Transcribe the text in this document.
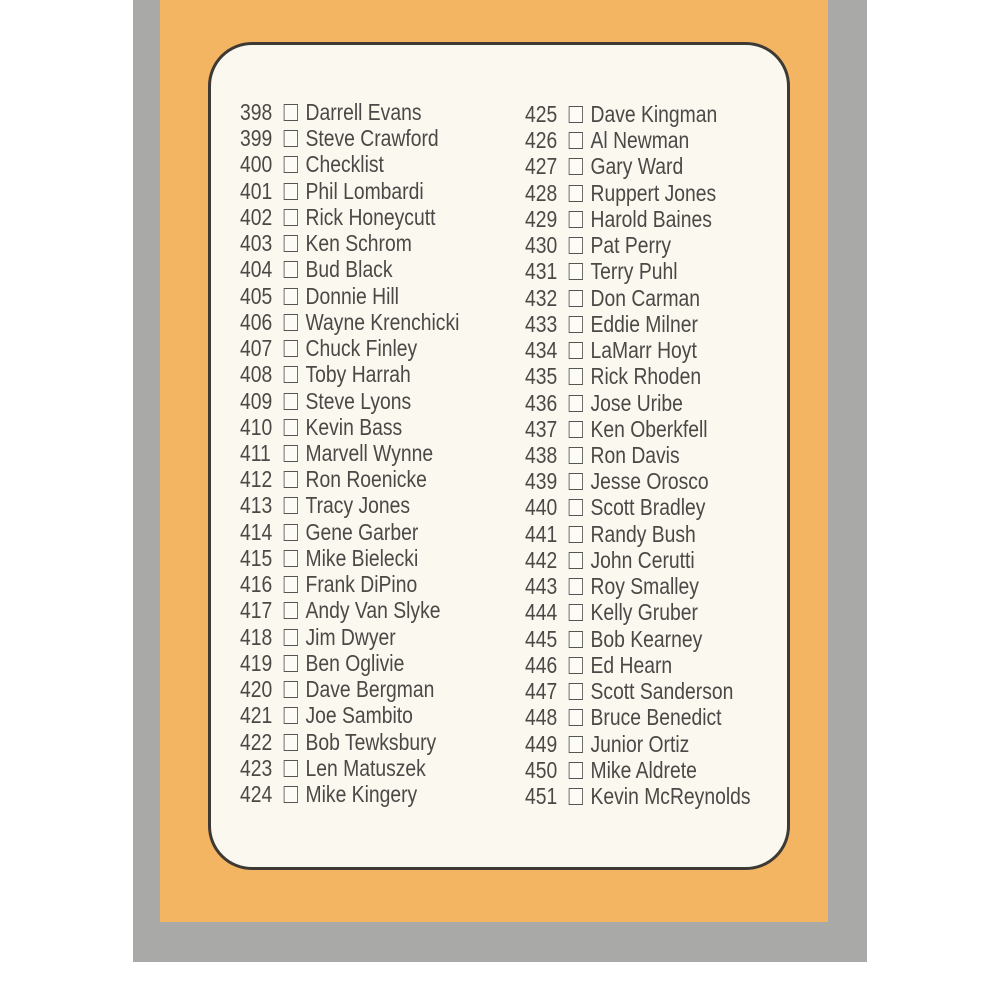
398 Darrell Evans
399 Steve Crawford
400 Checklist
401 Phil Lombardi
402 Rick Honeycutt
403 Ken Schrom
404 Bud Black
405 Donnie Hill
406 Wayne Krenchicki
407 Chuck Finley
408 Toby Harrah
409 Steve Lyons
410 Kevin Bass
411 Marvell Wynne
412 Ron Roenicke
413 Tracy Jones
414 Gene Garber
415 Mike Bielecki
416 Frank DiPino
417 Andy Van Slyke
418 Jim Dwyer
419 Ben Oglivie
420 Dave Bergman
421 Joe Sambito
422 Bob Tewksbury
423 Len Matuszek
424 Mike Kingery
425 Dave Kingman
426 Al Newman
427 Gary Ward
428 Ruppert Jones
429 Harold Baines
430 Pat Perry
431 Terry Puhl
432 Don Carman
433 Eddie Milner
434 LaMarr Hoyt
435 Rick Rhoden
436 Jose Uribe
437 Ken Oberkfell
438 Ron Davis
439 Jesse Orosco
440 Scott Bradley
441 Randy Bush
442 John Cerutti
443 Roy Smalley
444 Kelly Gruber
445 Bob Kearney
446 Ed Hearn
447 Scott Sanderson
448 Bruce Benedict
449 Junior Ortiz
450 Mike Aldrete
451 Kevin McReynolds
